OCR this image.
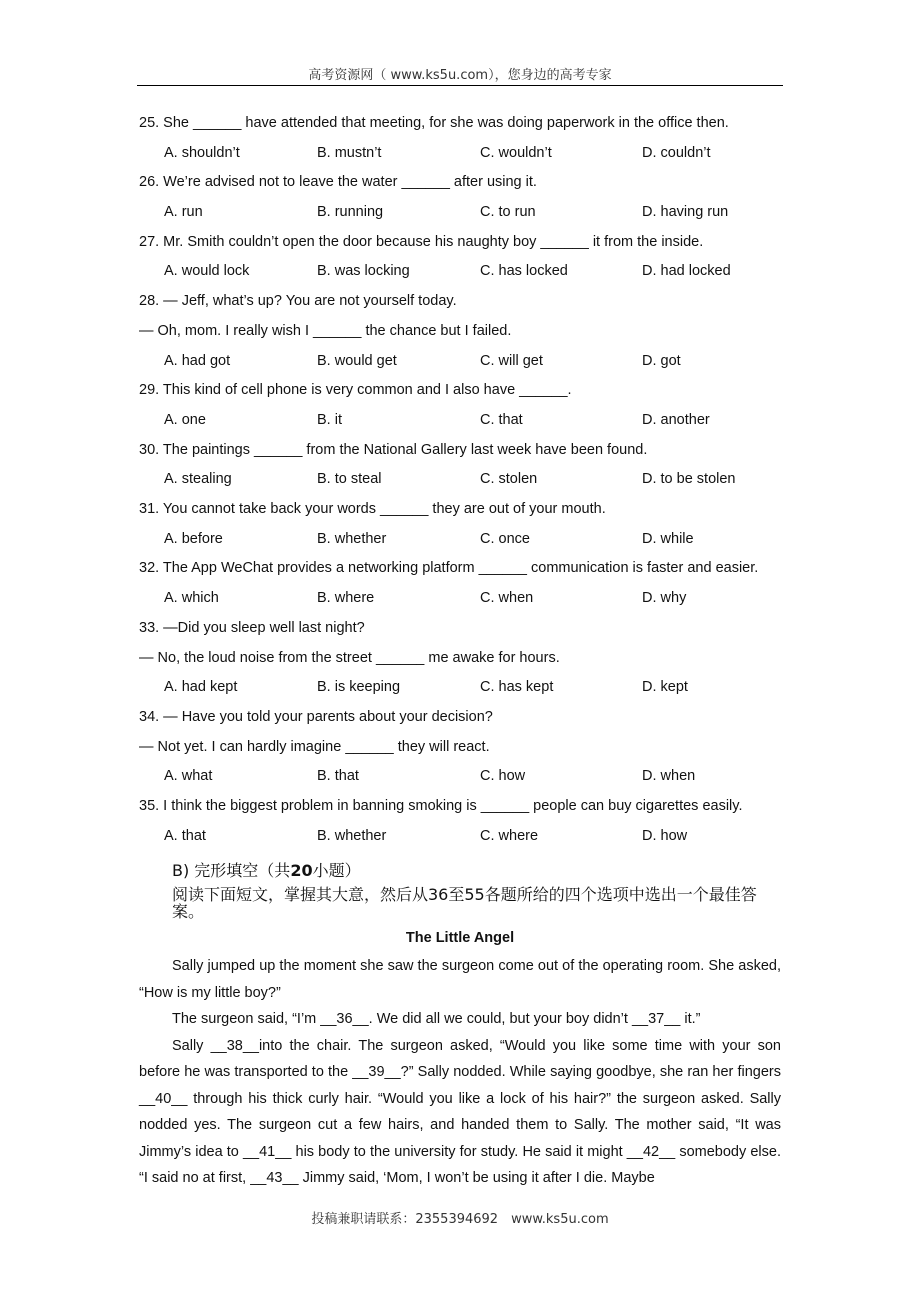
高考资源网（ www.ks5u.com），您身边的高考专家
25. She ______ have attended that meeting, for she was doing paperwork in the office then.
A. shouldn’t	B. mustn’t	C. wouldn’t	D. couldn’t
26. We’re advised not to leave the water ______ after using it.
A. run	B. running	C. to run	D. having run
27. Mr. Smith couldn’t open the door because his naughty boy ______ it from the inside.
A. would lock	B. was locking	C. has locked	D. had locked
28. — Jeff, what’s up? You are not yourself today.
— Oh, mom. I really wish I ______ the chance but I failed.
A. had got	B. would get	C. will get	D. got
29. This kind of cell phone is very common and I also have ______.
A. one	B. it	C. that	D. another
30. The paintings ______ from the National Gallery last week have been found.
A. stealing	B. to steal	C. stolen	D. to be stolen
31. You cannot take back your words ______ they are out of your mouth.
A. before	B. whether	C. once	D. while
32. The App WeChat provides a networking platform ______ communication is faster and easier.
A. which	B. where	C. when	D. why
33. —Did you sleep well last night?
— No, the loud noise from the street ______ me awake for hours.
A. had kept	B. is keeping	C. has kept	D. kept
34. — Have you told your parents about your decision?
— Not yet. I can hardly imagine ______ they will react.
A. what	B. that	C. how	D. when
35. I think the biggest problem in banning smoking is ______ people can buy cigarettes easily.
A. that	B. whether	C. where	D. how
B) 完形填空（共20小题）
阅读下面短文，掌握其大意，然后从36至55各题所给的四个选项中选出一个最佳答案。
The Little Angel

Sally jumped up the moment she saw the surgeon come out of the operating room. She asked, “How is my little boy?”

The surgeon said, “I’m __36__. We did all we could, but your boy didn’t __37__ it.”

Sally __38__into the chair. The surgeon asked, “Would you like some time with your son before he was transported to the __39__?” Sally nodded. While saying goodbye, she ran her fingers __40__ through his thick curly hair. “Would you like a lock of his hair?” the surgeon asked. Sally nodded yes. The surgeon cut a few hairs, and handed them to Sally. The mother said, “It was Jimmy’s idea to __41__ his body to the university for study. He said it might __42__ somebody else. “I said no at first, __43__ Jimmy said, ‘Mom, I won’t be using it after I die. Maybe

投稿兼职请联系：2355394692　www.ks5u.com
